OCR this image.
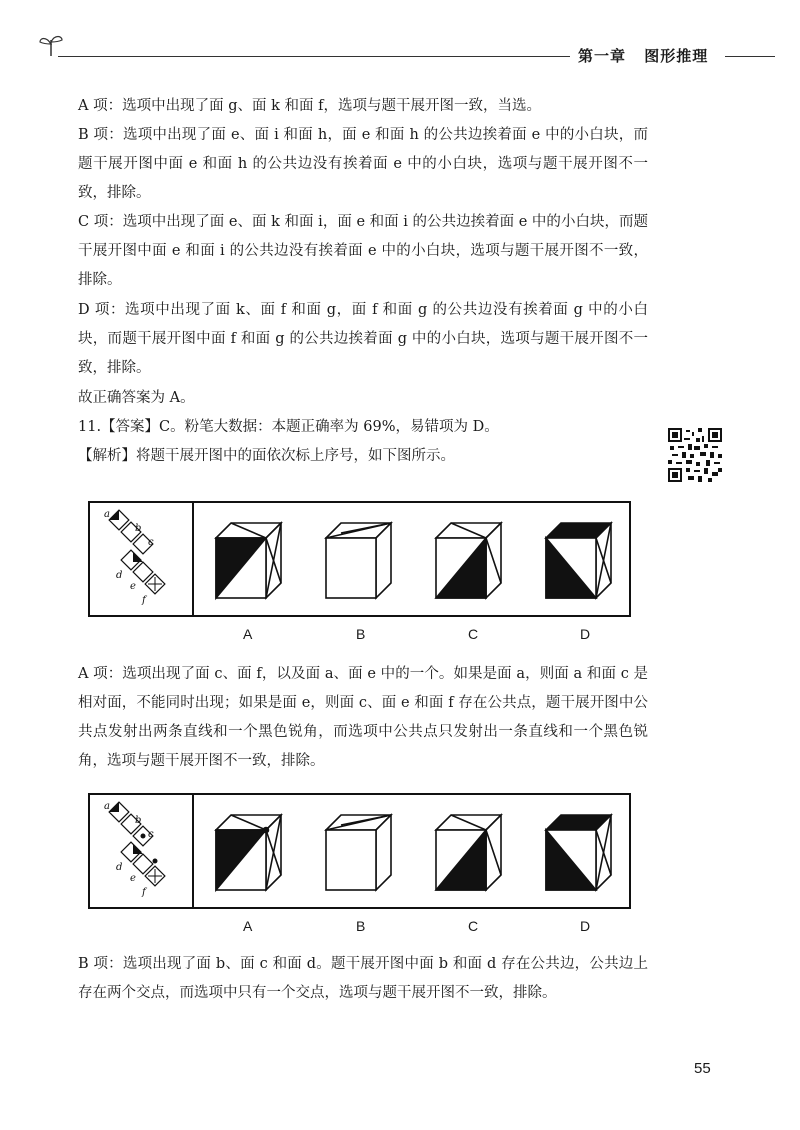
第一章 图形推理
A 项：选项中出现了面 g、面 k 和面 f，选项与题干展开图一致，当选。
B 项：选项中出现了面 e、面 i 和面 h，面 e 和面 h 的公共边挨着面 e 中的小白块，而题干展开图中面 e 和面 h 的公共边没有挨着面 e 中的小白块，选项与题干展开图不一致，排除。
C 项：选项中出现了面 e、面 k 和面 i，面 e 和面 i 的公共边挨着面 e 中的小白块，而题干展开图中面 e 和面 i 的公共边没有挨着面 e 中的小白块，选项与题干展开图不一致，排除。
D 项：选项中出现了面 k、面 f 和面 g，面 f 和面 g 的公共边没有挨着面 g 中的小白块，而题干展开图中面 f 和面 g 的公共边挨着面 g 中的小白块，选项与题干展开图不一致，排除。
故正确答案为 A。
11.【答案】C。粉笔大数据：本题正确率为 69%，易错项为 D。
【解析】将题干展开图中的面依次标上序号，如下图所示。
a
b
c
d
e
f
A	B	C	D
A 项：选项出现了面 c、面 f，以及面 a、面 e 中的一个。如果是面 a，则面 a 和面 c 是相对面，不能同时出现；如果是面 e，则面 c、面 e 和面 f 存在公共点，题干展开图中公共点发射出两条直线和一个黑色锐角，而选项中公共点只发射出一条直线和一个黑色锐角，选项与题干展开图不一致，排除。
a
b
c
d
e
f
A	B	C	D
B 项：选项出现了面 b、面 c 和面 d。题干展开图中面 b 和面 d 存在公共边，公共边上存在两个交点，而选项中只有一个交点，选项与题干展开图不一致，排除。
55
